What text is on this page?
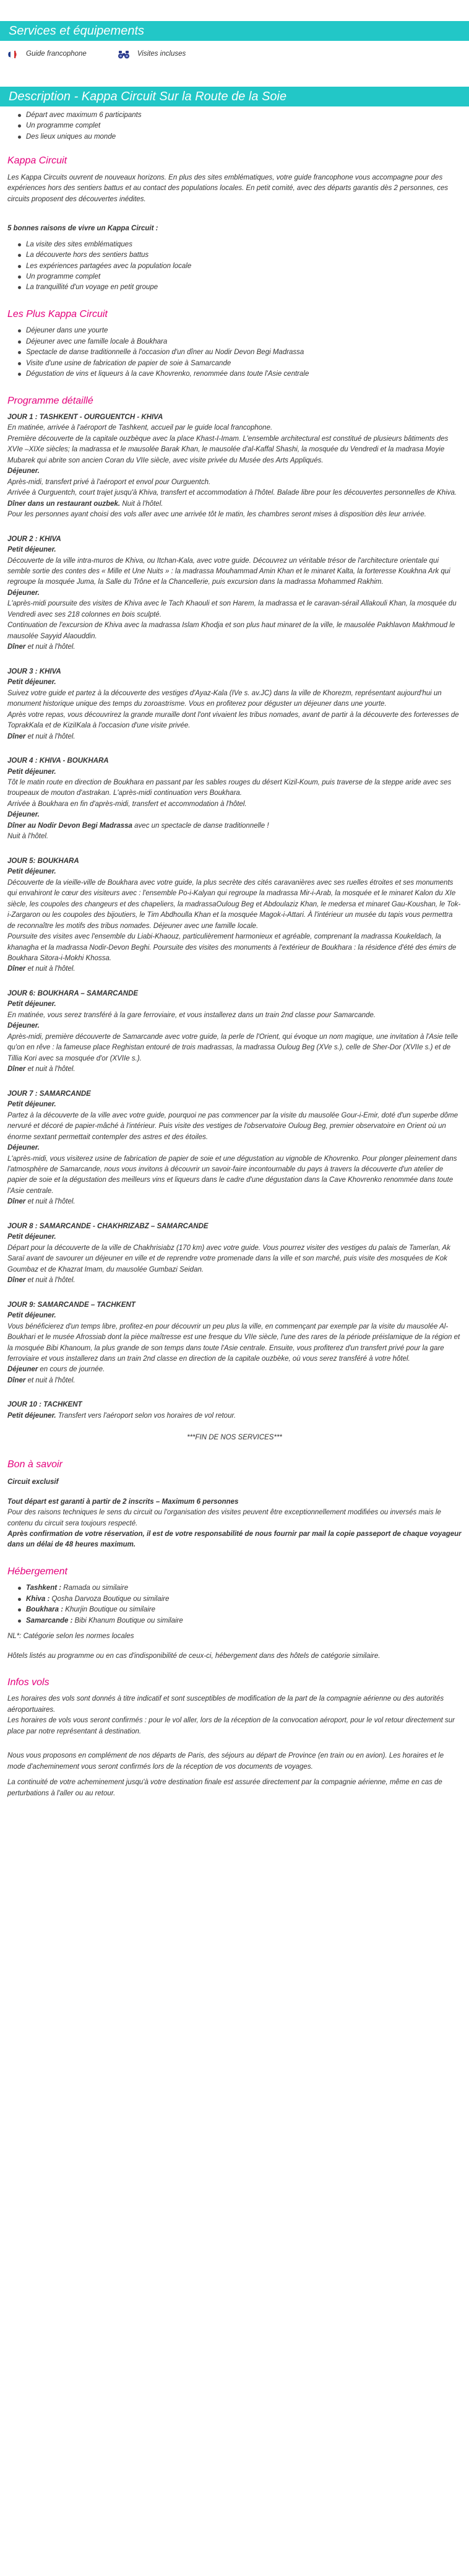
Services et équipements
Guide francophone	Visites incluses
Description - Kappa Circuit Sur la Route de la Soie
Départ avec maximum 6 participants
Un programme complet
Des lieux uniques au monde
Kappa Circuit

Les Kappa Circuits ouvrent de nouveaux horizons. En plus des sites emblématiques, votre guide francophone vous accompagne pour des expériences hors des sentiers battus et au contact des populations locales. En petit comité, avec des départs garantis dès 2 personnes, ces circuits proposent des découvertes inédites.

5 bonnes raisons de vivre un Kappa Circuit :

La visite des sites emblématiques
La découverte hors des sentiers battus
Les expériences partagées avec la population locale
Un programme complet
La tranquillité d'un voyage en petit groupe
Les Plus Kappa Circuit
Déjeuner dans une yourte
Déjeuner avec une famille locale à Boukhara
Spectacle de danse traditionnelle à l'occasion d'un dîner au Nodir Devon Begi Madrassa
Visite d'une usine de fabrication de papier de soie à Samarcande
Dégustation de vins et liqueurs à la cave Khovrenko, renommée dans toute l'Asie centrale
Programme détaillé
JOUR 1 : TASHKENT - OURGUENTCH - KHIVA
En matinée, arrivée à l'aéroport de Tashkent, accueil par le guide local francophone.
Première découverte de la capitale ouzbèque avec la place Khast-I-Imam. L'ensemble architectural est constitué de plusieurs bâtiments des XVIe –XIXe siècles; la madrassa et le mausolée Barak Khan, le mausolée d'al-Kaffal Shashi, la mosquée du Vendredi et la madrasa Moyie Mubarek qui abrite son ancien Coran du VIIe siècle, avec visite privée du Musée des Arts Appliqués.
Déjeuner.
Après-midi, transfert privé à l'aéroport et envol pour Ourguentch.
Arrivée à Ourguentch, court trajet jusqu'à Khiva, transfert et accommodation à l'hôtel. Balade libre pour les découvertes personnelles de Khiva.
Dîner dans un restaurant ouzbek. Nuit à l'hôtel.
Pour les personnes ayant choisi des vols aller avec une arrivée tôt le matin, les chambres seront mises à disposition dès leur arrivée.
JOUR 2 : KHIVA
Petit déjeuner.
Découverte de la ville intra-muros de Khiva, ou Itchan-Kala, avec votre guide. Découvrez un véritable trésor de l'architecture orientale qui semble sortie des contes des « Mille et Une Nuits » : la madrassa Mouhammad Amin Khan et le minaret Kalta, la forteresse Koukhna Ark qui regroupe la mosquée Juma, la Salle du Trône et la Chancellerie, puis excursion dans la madrassa Mohammed Rakhim.
Déjeuner.
L'après-midi poursuite des visites de Khiva avec le Tach Khaouli et son Harem, la madrassa et le caravan-sérail Allakouli Khan, la mosquée du Vendredi avec ses 218 colonnes en bois sculpté.
Continuation de l'excursion de Khiva avec la madrassa Islam Khodja et son plus haut minaret de la ville, le mausolée Pakhlavon Makhmoud le mausolée Sayyid Alaouddin.
Dîner et nuit à l'hôtel.
JOUR 3 : KHIVA
Petit déjeuner.
Suivez votre guide et partez à la découverte des vestiges d'Ayaz-Kala (IVe s. av.JC) dans la ville de Khorezm, représentant aujourd'hui un monument historique unique des temps du zoroastrisme. Vous en profiterez pour déguster un déjeuner dans une yourte.
Après votre repas, vous découvrirez la grande muraille dont l'ont vivaient les tribus nomades, avant de partir à la découverte des forteresses de ToprakKala et de KiziIKala à l'occasion d'une visite privée.
Dîner et nuit à l'hôtel.
JOUR 4 : KHIVA - BOUKHARA
Petit déjeuner.
Tôt le matin route en direction de Boukhara en passant par les sables rouges du désert Kizil-Koum, puis traverse de la steppe aride avec ses troupeaux de mouton d'astrakan. L'après-midi continuation vers Boukhara.
Arrivée à Boukhara en fin d'après-midi, transfert et accommodation à l'hôtel.
Déjeuner.
Dîner au Nodir Devon Begi Madrassa avec un spectacle de danse traditionnelle !
Nuit à l'hôtel.
JOUR 5: BOUKHARA
Petit déjeuner.
Découverte de la vieille-ville de Boukhara avec votre guide, la plus secrète des cités caravanières avec ses ruelles étroites et ses monuments qui envahiront le cœur des visiteurs avec : l'ensemble Po-i-Kalyan qui regroupe la madrassa Mir-i-Arab, la mosquée et le minaret Kalon du XIe siècle, les coupoles des changeurs et des chapeliers, la madrassaOuloug Beg et Abdoulaziz Khan, le medersa et minaret Gau-Koushan, le Tok-i-Zargaron ou les coupoles des bijoutiers, le Tim Abdhoulla Khan et la mosquée Magok-i-Attari. À l'intérieur un musée du tapis vous permettra de reconnaître les motifs des tribus nomades. Déjeuner avec une famille locale.
Poursuite des visites avec l'ensemble du Liabi-Khaouz, particulièrement harmonieux et agréable, comprenant la madrassa Koukeldach, la khanagha et la madrassa Nodir-Devon Beghi. Poursuite des visites des monuments à l'extérieur de Boukhara : la résidence d'été des émirs de Boukhara Sitora-i-Mokhi Khossa.
Dîner et nuit à l'hôtel.
JOUR 6: BOUKHARA – SAMARCANDE
Petit déjeuner.
En matinée, vous serez transféré à la gare ferroviaire, et vous installerez dans un train 2nd classe pour Samarcande.
Déjeuner.
Après-midi, première découverte de Samarcande avec votre guide, la perle de l'Orient, qui évoque un nom magique, une invitation à l'Asie telle qu'on en rêve : la fameuse place Reghistan entouré de trois madrassas, la madrassa Ouloug Beg (XVe s.), celle de Sher-Dor (XVIIe s.) et de Tillia Kori avec sa mosquée d'or (XVIIe s.).
Dîner et nuit à l'hôtel.
JOUR 7 : SAMARCANDE
Petit déjeuner.
Partez à la découverte de la ville avec votre guide, pourquoi ne pas commencer par la visite du mausolée Gour-i-Emir, doté d'un superbe dôme nervuré et décoré de papier-mâché à l'intérieur. Puis visite des vestiges de l'observatoire Ouloug Beg, premier observatoire en Orient où un énorme sextant permettait contempler des astres et des étoiles.
Déjeuner.
L'après-midi, vous visiterez usine de fabrication de papier de soie et une dégustation au vignoble de Khovrenko. Pour plonger pleinement dans l'atmosphère de Samarcande, nous vous invitons à découvrir un savoir-faire incontournable du pays à travers la découverte d'un atelier de papier de soie et la dégustation des meilleurs vins et liqueurs dans le cadre d'une dégustation dans la Cave Khovrenko renommée dans toute l'Asie centrale.
Dîner et nuit à l'hôtel.
JOUR 8 : SAMARCANDE - CHAKHRIZABZ – SAMARCANDE
Petit déjeuner.
Départ pour la découverte de la ville de Chakhrisiabz (170 km) avec votre guide. Vous pourrez visiter des vestiges du palais de Tamerlan, Ak Saraï avant de savourer un déjeuner en ville et de reprendre votre promenade dans la ville et son marché, puis visite des mosquées de Kok Goumbaz et de Khazrat Imam, du mausolée Gumbazi Seidan.
Dîner et nuit à l'hôtel.
JOUR 9: SAMARCANDE – TACHKENT
Petit déjeuner.
Vous bénéficierez d'un temps libre, profitez-en pour découvrir un peu plus la ville, en commençant par exemple par la visite du mausolée Al-Boukhari et le musée Afrossiab dont la pièce maîtresse est une fresque du VIIe siècle, l'une des rares de la période préislamique de la région et la mosquée Bibi Khanoum, la plus grande de son temps dans toute l'Asie centrale. Ensuite, vous profiterez d'un transfert privé pour la gare ferroviaire et vous installerez dans un train 2nd classe en direction de la capitale ouzbèke, où vous serez transféré à votre hôtel.
Déjeuner en cours de journée.
Dîner et nuit à l'hôtel.
JOUR 10 : TACHKENT
Petit déjeuner. Transfert vers l'aéroport selon vos horaires de vol retour.
***FIN DE NOS SERVICES***
Bon à savoir
Circuit exclusif

Tout départ est garanti à partir de 2 inscrits – Maximum 6 personnes

Pour des raisons techniques le sens du circuit ou l'organisation des visites peuvent être exceptionnellement modifiées ou inversés mais le contenu du circuit sera toujours respecté.

Après confirmation de votre réservation, il est de votre responsabilité de nous fournir par mail la copie passeport de chaque voyageur dans un délai de 48 heures maximum.

Hébergement
Tashkent : Ramada ou similaire
Khiva : Qosha Darvoza Boutique ou similaire
Boukhara : Khurjin Boutique ou similaire
Samarcande : Bibi Khanum Boutique ou similaire

NL*: Catégorie selon les normes locales

Hôtels listés au programme ou en cas d'indisponibilité de ceux-ci, hébergement dans des hôtels de catégorie similaire.

Infos vols

Les horaires des vols sont donnés à titre indicatif et sont susceptibles de modification de la part de la compagnie aérienne ou des autorités aéroportuaires.

Les horaires de vols vous seront confirmés : pour le vol aller, lors de la réception de la convocation aéroport, pour le vol retour directement sur place par notre représentant à destination.

Nous vous proposons en complément de nos départs de Paris, des séjours au départ de Province (en train ou en avion). Les horaires et le mode d'acheminement vous seront confirmés lors de la réception de vos documents de voyages.

La continuité de votre acheminement jusqu'à votre destination finale est assurée directement par la compagnie aérienne, même en cas de perturbations à l'aller ou au retour.
